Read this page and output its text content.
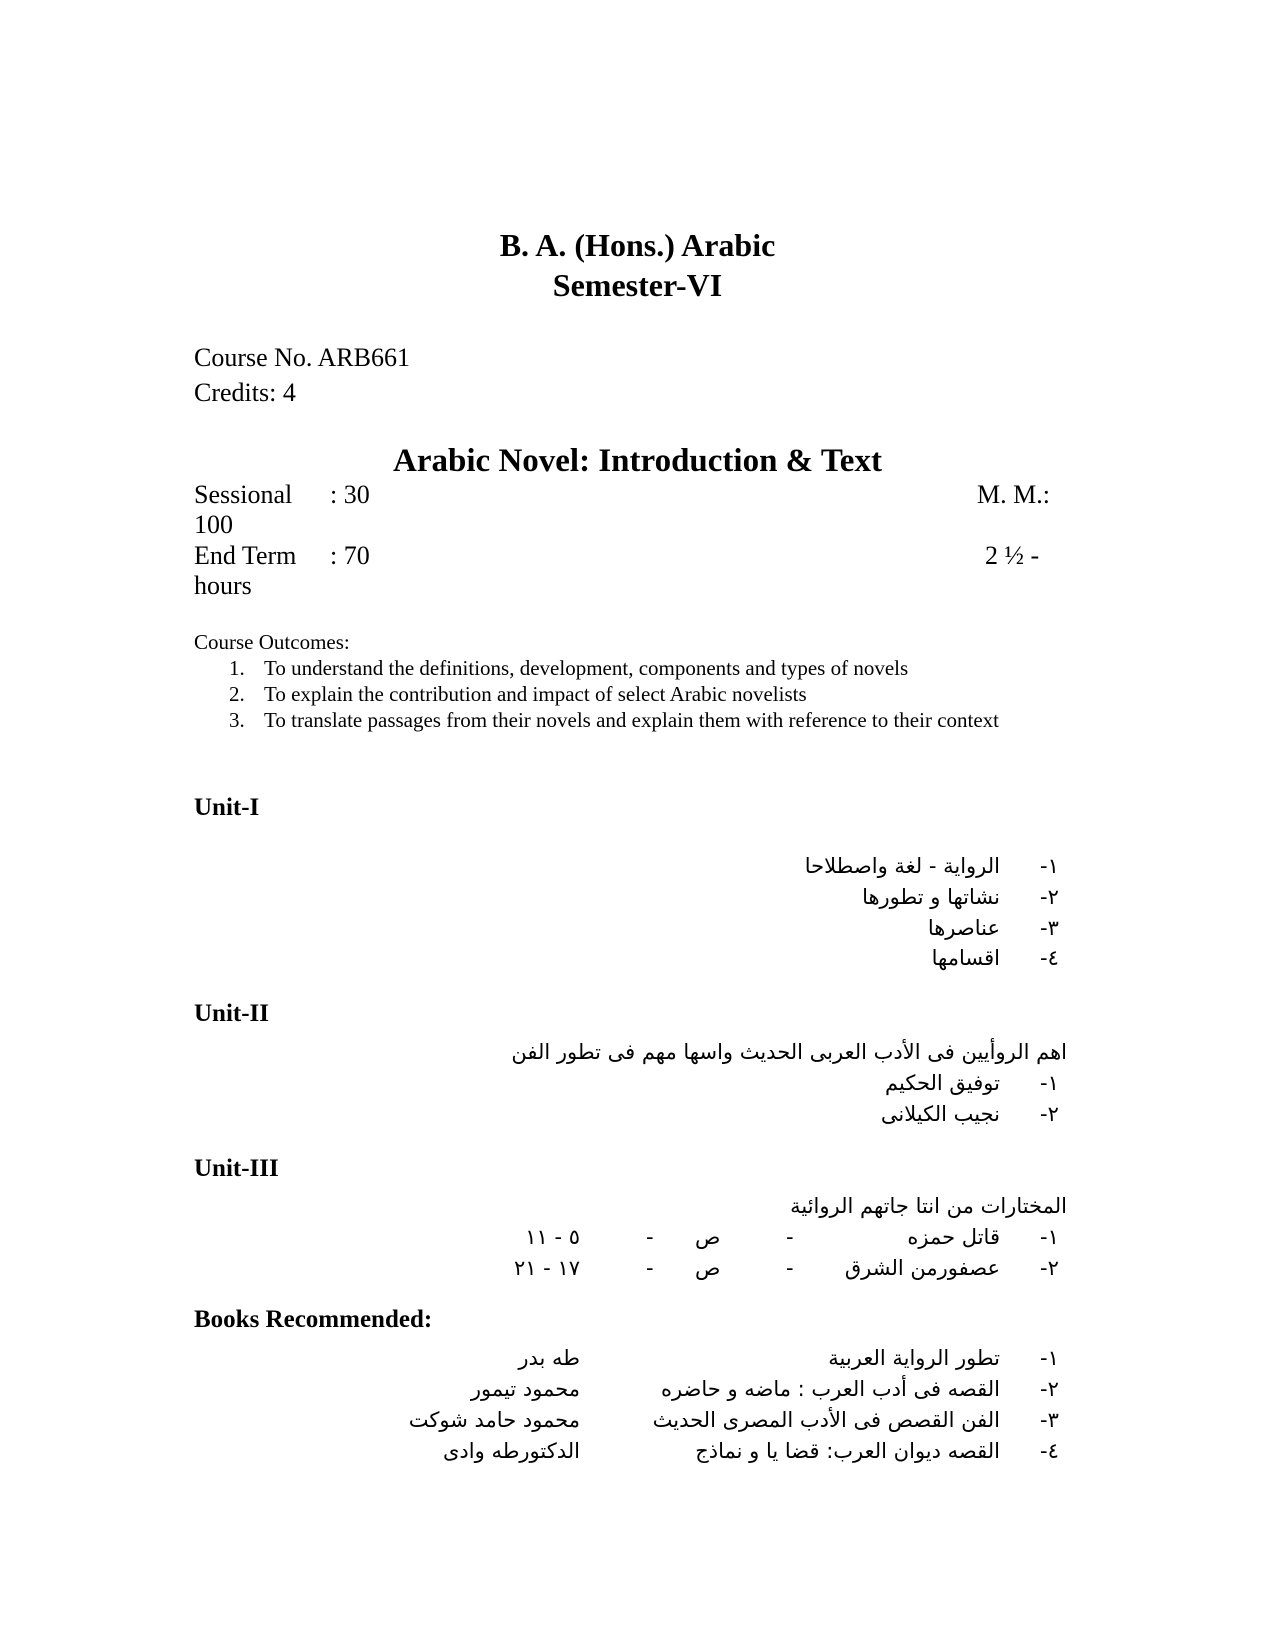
B. A. (Hons.) Arabic
Semester-VI
Course No. ARB661
Credits: 4
Arabic Novel: Introduction & Text
Sessional : 30	M. M.:
100
End Term : 70	2 ½ -
hours
Course Outcomes:
1. To understand the definitions, development, components and types of novels
2. To explain the contribution and impact of select Arabic novelists
3. To translate passages from their novels and explain them with reference to their context
Unit-I
١-
الرواية - لغة واصطلاحا
٢-
نشاتها و تطورها
٣-
عناصرها
٤-
اقسامها
Unit-II
اهم الروأيين فى الأدب العربى الحديث واسها مهم فى تطور الفن
١-
توفيق الحكيم
٢-
نجيب الكيلانى
Unit-III
المختارات من انتا جاتهم الروائية
١-
قاتل حمزه
-
ص
-
٥ - ١١
٢-
عصفورمن الشرق
-
ص
-
١٧ - ٢١
Books Recommended:
١-
تطور الرواية العربية
طه بدر
٢-
القصه فى أدب العرب : ماضه و حاضره
محمود تيمور
٣-
الفن القصص فى الأدب المصرى الحديث
محمود حامد شوكت
٤-
القصه ديوان العرب: قضا يا و نماذج
الدكتورطه وادى
